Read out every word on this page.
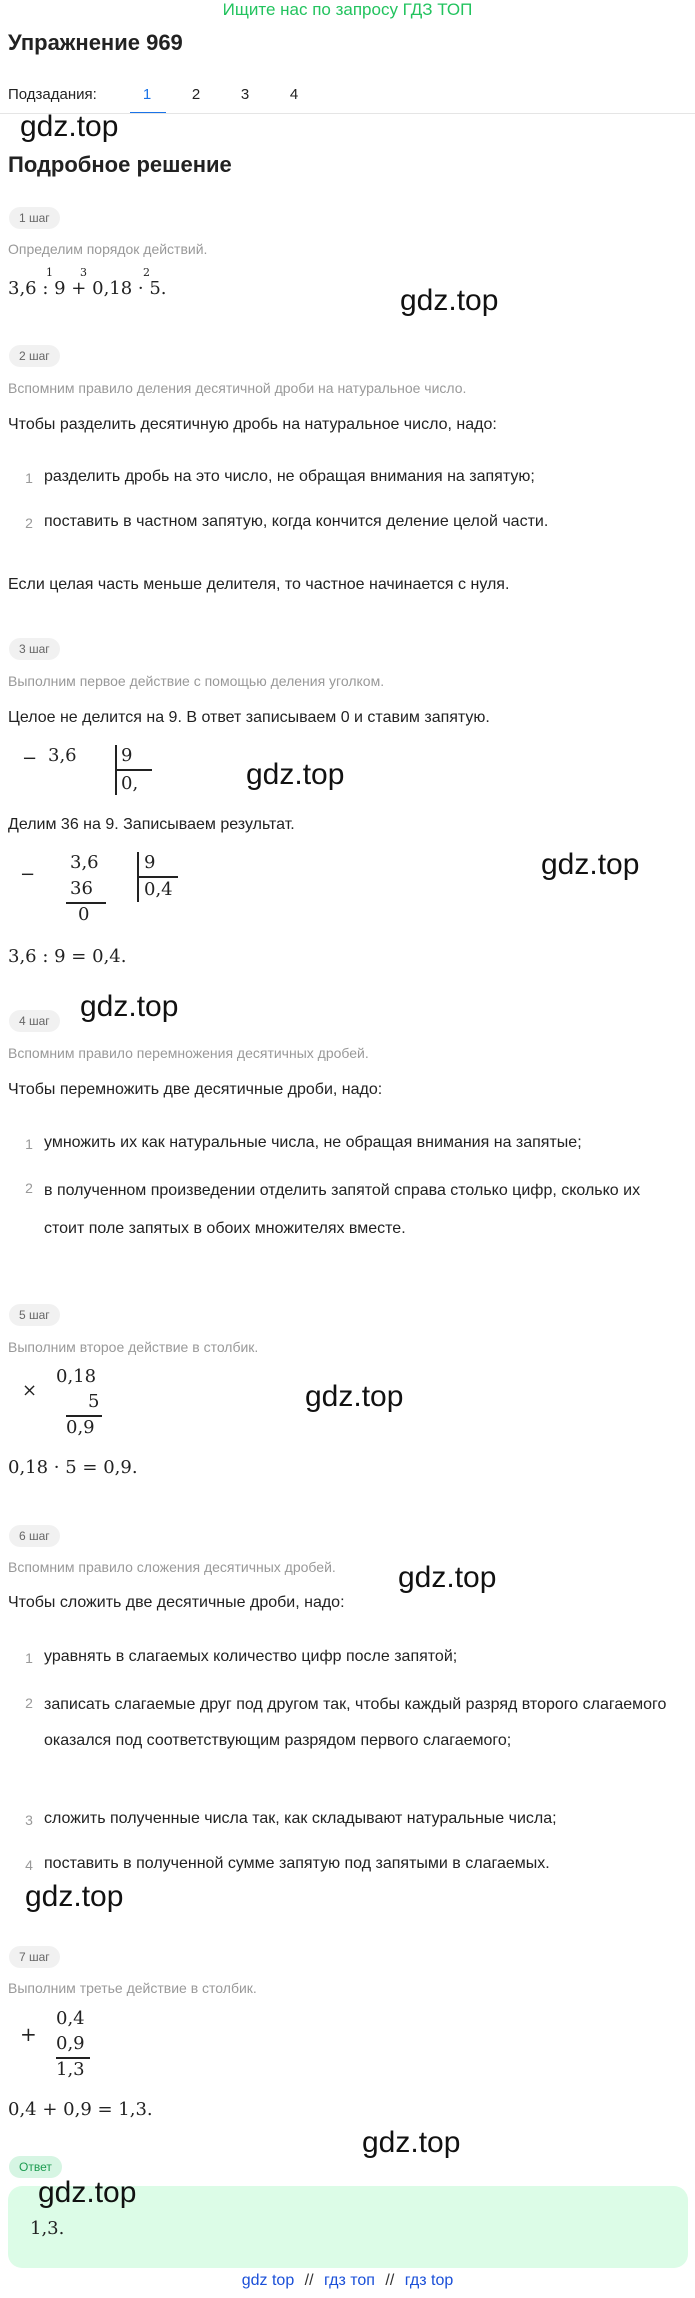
Ищите нас по запросу ГДЗ ТОП
Упражнение 969
Подзадания:	1	2	3	4
gdz.top
Подробное решение
1 шаг
Определим порядок действий.
3,6 : 9 + 0,18 · 5.
1 3	2
gdz.top
2 шаг
Вспомним правило деления десятичной дроби на натуральное число.
Чтобы разделить десятичную дробь на натуральное число, надо:
1 разделить дробь на это число, не обращая внимания на запятую;
2 поставить в частном запятую, когда кончится деление целой части.
Если целая часть меньше делителя, то частное начинается с нуля.
3 шаг
Выполним первое действие с помощью деления уголком.
Целое не делится на 9. В ответ записываем 0 и ставим запятую.
− 3,6 9
0,	gdz.top
Делим 36 на 9. Записываем результат.
−
3,6
36
0
9
0,4
gdz.top
3,6 : 9 = 0,4.
gdz.top
4 шаг
Вспомним правило перемножения десятичных дробей.
Чтобы перемножить две десятичные дроби, надо:
1 умножить их как натуральные числа, не обращая внимания на запятые;
2 в полученном произведении отделить запятой справа столько цифр, сколько их стоит поле запятых в обоих множителях вместе.
5 шаг
Выполним второе действие в столбик.
×
0,18
5
0,9
gdz.top
0,18 · 5 = 0,9.
6 шаг
Вспомним правило сложения десятичных дробей. gdz.top
Чтобы сложить две десятичные дроби, надо:
1 уравнять в слагаемых количество цифр после запятой;
2 записать слагаемые друг под другом так, чтобы каждый разряд второго слагаемого оказался под соответствующим разрядом первого слагаемого;
3 сложить полученные числа так, как складывают натуральные числа;
4 поставить в полученной сумме запятую под запятыми в слагаемых.
gdz.top
7 шаг
Выполним третье действие в столбик.
+
0,4
0,9
1,3
0,4 + 0,9 = 1,3.
gdz.top
Ответ
gdz.top
1,3.
gdz top // гдз топ // гдз top
